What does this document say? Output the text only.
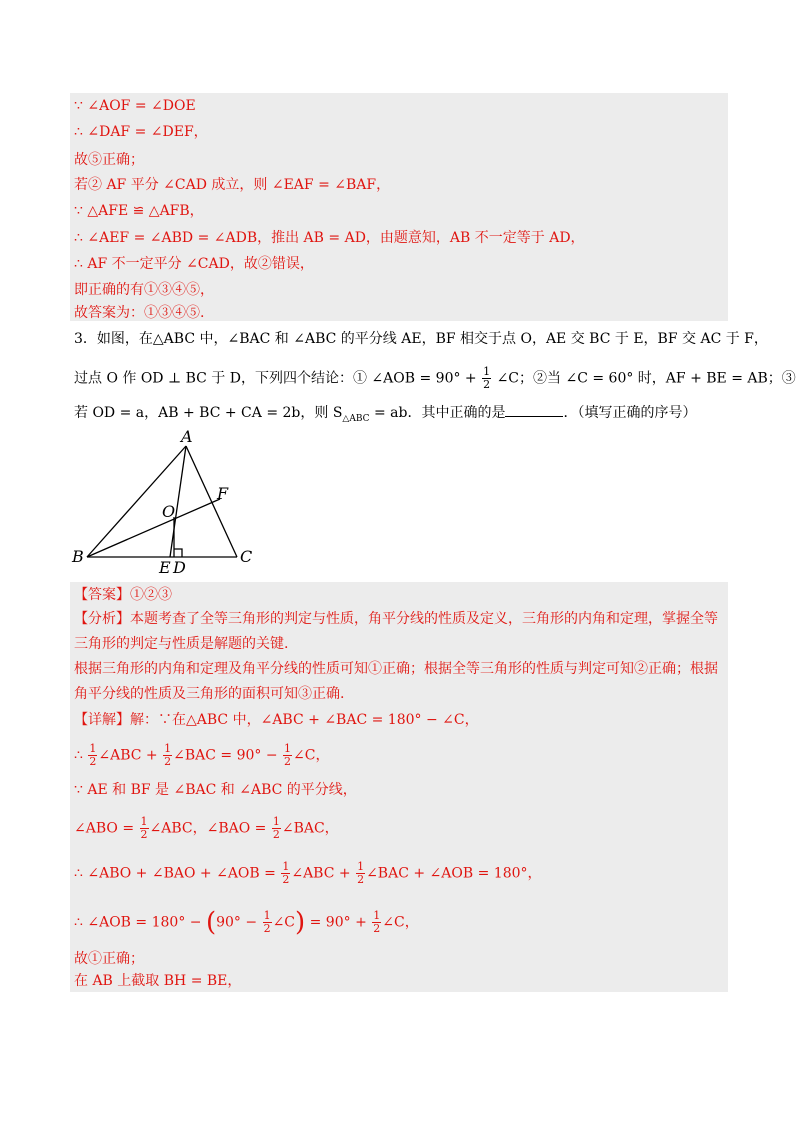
∵ ∠AOF = ∠DOE
∴ ∠DAF = ∠DEF，
故⑤正确；
若② AF 平分 ∠CAD 成立，则 ∠EAF = ∠BAF，
∵ △AFE ≌ △AFB，
∴ ∠AEF = ∠ABD = ∠ADB，推出 AB = AD，由题意知，AB 不一定等于 AD，
∴ AF 不一定平分 ∠CAD，故②错误，
即正确的有①③④⑤，
故答案为：①③④⑤.
3．如图，在△ABC 中，∠BAC 和 ∠ABC 的平分线 AE，BF 相交于点 O，AE 交 BC 于 E，BF 交 AC 于 F，
过点 O 作 OD ⊥ BC 于 D，下列四个结论：① ∠AOB = $90^\circ + \frac{1}{2}$ ∠C；②当 ∠C = 60° 时，AF + BE = AB；③
若 OD = a，AB + BC + CA = 2b，则 $S_{\triangle ABC}$ = ab．其中正确的是	．（填写正确的序号）
A
B	C
O
F
E D
【答案】①②③
【分析】本题考查了全等三角形的判定与性质，角平分线的性质及定义，三角形的内角和定理，掌握全等
三角形的判定与性质是解题的关键.
根据三角形的内角和定理及角平分线的性质可知①正确；根据全等三角形的性质与判定可知②正确；根据
角平分线的性质及三角形的面积可知③正确.
【详解】解：∵在△ABC 中，∠ABC + ∠BAC = 180° − ∠C，
∴ $\frac{1}{2}$ ∠ABC + $\frac{1}{2}$ ∠BAC = $90^\circ - \frac{1}{2}$ ∠C，
∵ AE 和 BF 是 ∠BAC 和 ∠ABC 的平分线，
∠ABO = $\frac{1}{2}$ ∠ABC，∠BAO = $\frac{1}{2}$ ∠BAC，
∴ ∠ABO + ∠BAO + ∠AOB = $\frac{1}{2}$ ∠ABC + $\frac{1}{2}$ ∠BAC + ∠AOB = 180°，
∴ ∠AOB = $180^\circ - (90^\circ - \frac{1}{2}$ ∠C) = $90^\circ + \frac{1}{2}$ ∠C，
故①正确；
在 AB 上截取 BH = BE，
